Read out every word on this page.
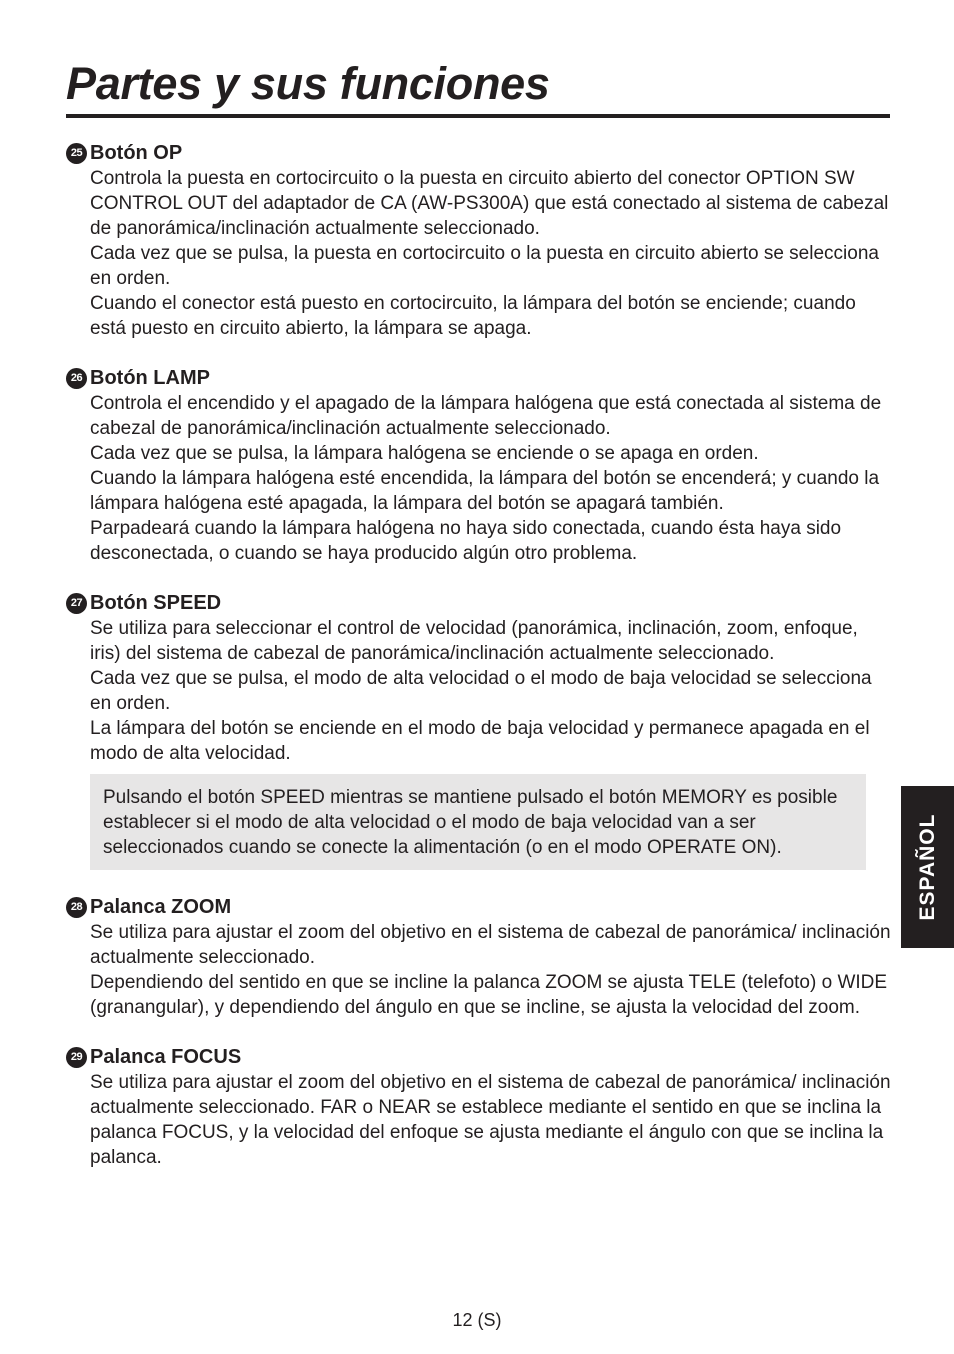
Partes y sus funciones
25 Botón OP

Controla la puesta en cortocircuito o la puesta en circuito abierto del conector OPTION SW CONTROL OUT del adaptador de CA (AW-PS300A) que está conectado al sistema de cabezal de panorámica/inclinación actualmente seleccionado.

Cada vez que se pulsa, la puesta en cortocircuito o la puesta en circuito abierto se selecciona en orden.

Cuando el conector está puesto en cortocircuito, la lámpara del botón se enciende; cuando está puesto en circuito abierto, la lámpara se apaga.

26 Botón LAMP

Controla el encendido y el apagado de la lámpara halógena que está conectada al sistema de cabezal de panorámica/inclinación actualmente seleccionado.

Cada vez que se pulsa, la lámpara halógena se enciende o se apaga en orden.

Cuando la lámpara halógena esté encendida, la lámpara del botón se encenderá; y cuando la lámpara halógena esté apagada, la lámpara del botón se apagará también.

Parpadeará cuando la lámpara halógena no haya sido conectada, cuando ésta haya sido desconectada, o cuando se haya producido algún otro problema.

27 Botón SPEED

Se utiliza para seleccionar el control de velocidad (panorámica, inclinación, zoom, enfoque, iris) del sistema de cabezal de panorámica/inclinación actualmente seleccionado.

Cada vez que se pulsa, el modo de alta velocidad o el modo de baja velocidad se selecciona en orden.

La lámpara del botón se enciende en el modo de baja velocidad y permanece apagada en el modo de alta velocidad.

Pulsando el botón SPEED mientras se mantiene pulsado el botón MEMORY es posible establecer si el modo de alta velocidad o el modo de baja velocidad van a ser seleccionados cuando se conecte la alimentación (o en el modo OPERATE ON).
28 Palanca ZOOM

Se utiliza para ajustar el zoom del objetivo en el sistema de cabezal de panorámica/ inclinación actualmente seleccionado.

Dependiendo del sentido en que se incline la palanca ZOOM se ajusta TELE (telefoto) o WIDE (granangular), y dependiendo del ángulo en que se incline, se ajusta la velocidad del zoom.

29 Palanca FOCUS

Se utiliza para ajustar el zoom del objetivo en el sistema de cabezal de panorámica/ inclinación actualmente seleccionado. FAR o NEAR se establece mediante el sentido en que se inclina la palanca FOCUS, y la velocidad del enfoque se ajusta mediante el ángulo con que se inclina la palanca.

ESPAÑOL
12 (S)
